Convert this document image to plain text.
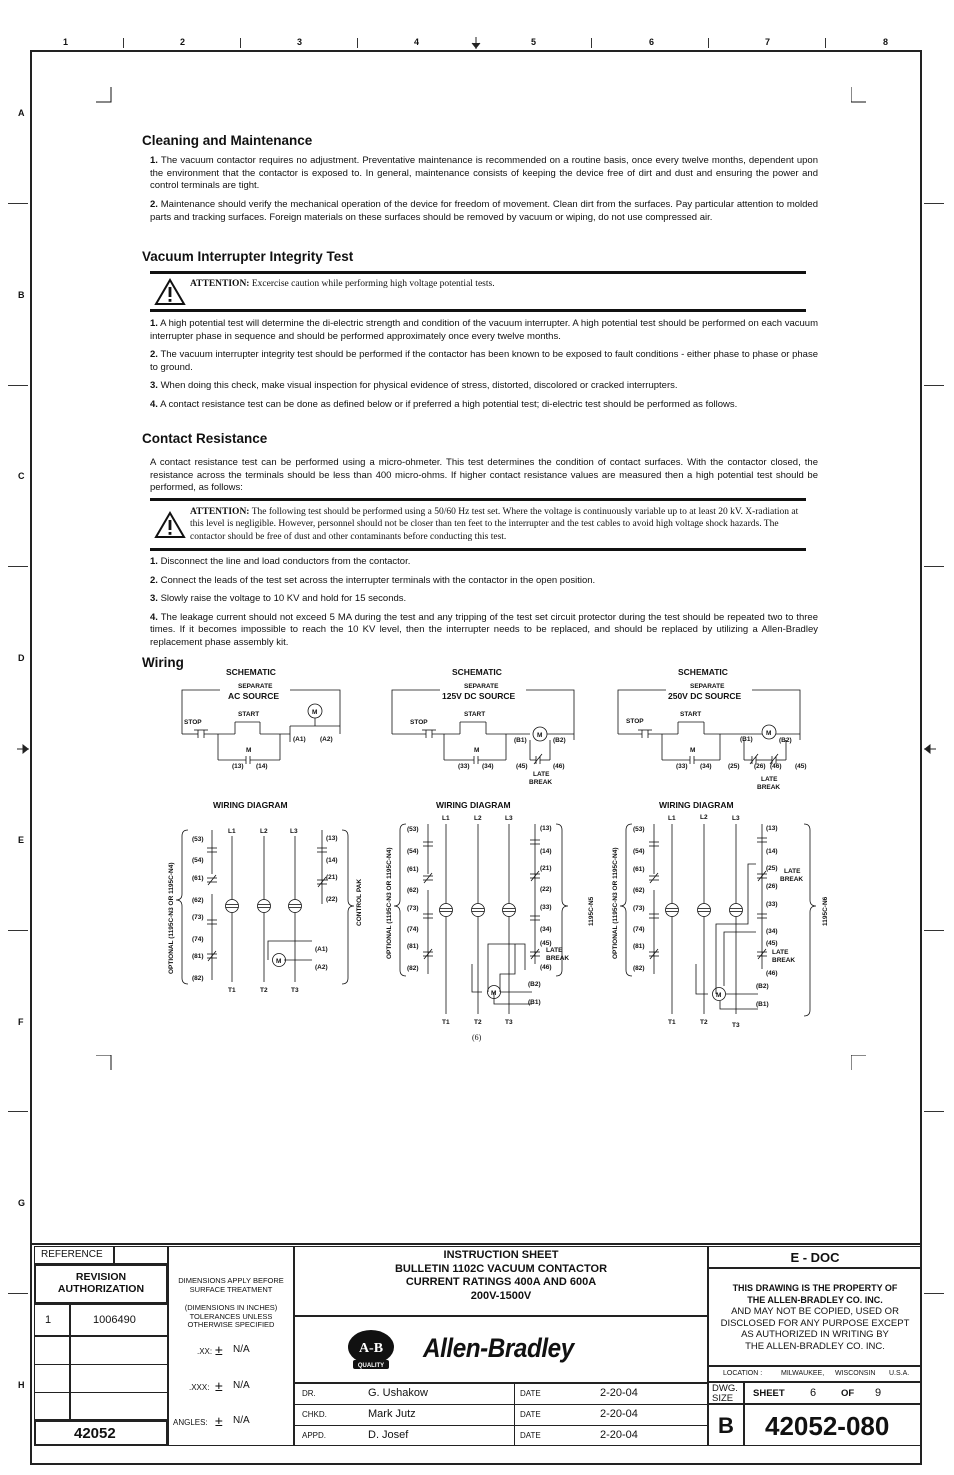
1	2	3	4	5	6	7	8
A
B
C
D
E
F
G
H
Cleaning and Maintenance

1. The vacuum contactor requires no adjustment. Preventative maintenance is recommended on a routine basis, once every twelve months, dependent upon the environment that the contactor is exposed to. In general, maintenance consists of keeping the device free of dirt and dust and ensuring the power and control terminals are tight.

2. Maintenance should verify the mechanical operation of the device for freedom of movement. Clean dirt from the surfaces. Pay particular attention to molded parts and tracking surfaces. Foreign materials on these surfaces should be removed by vacuum or wiping, do not use compressed air.

Vacuum Interrupter Integrity Test
ATTENTION: Excercise caution while performing high voltage potential tests.

1. A high potential test will determine the di-electric strength and condition of the vacuum interrupter. A high potential test should be performed on each vacuum interrupter phase in sequence and should be performed approximately once every twelve months.

2. The vacuum interrupter integrity test should be performed if the contactor has been known to be exposed to fault conditions - either phase to phase or phase to ground.

3. When doing this check, make visual inspection for physical evidence of stress, distorted, discolored or cracked interrupters.

4. A contact resistance test can be done as defined below or if preferred a high potential test; di-electric test should be performed as follows.

Contact Resistance

A contact resistance test can be performed using a micro-ohmeter. This test determines the condition of contact surfaces. With the contactor closed, the resistance across the terminals should be less than 400 micro-ohms. If higher contact resistance values are measured then a high potential test should be performed, as follows:

ATTENTION: The following test should be performed using a 50/60 Hz test set. Where the voltage is continuously variable up to at least 20 kV. X-radiation at this level is negligible. However, personnel should not be closer than ten feet to the interrupter and the test cables to avoid high voltage shock hazards. The contactor should be free of dust and other contaminants before conducting this test.

1. Disconnect the line and load conductors from the contactor.

2. Connect the leads of the test set across the interrupter terminals with the contactor in the open position.

3. Slowly raise the voltage to 10 KV and hold for 15 seconds.

4. The leakage current should not exceed 5 MA during the test and any tripping of the test set circuit protector during the test should be repeated two to three times. If it becomes impossible to reach the 10 KV level, then the interrupter needs to be replaced, and should be replaced by utilizing a Allen-Bradley replacement phase assembly kit.

Wiring
SCHEMATIC
SEPARATE
AC SOURCE
STOP
START	M
(A1) (A2)
M
(13) (14)
SCHEMATIC
SEPARATE
125V DC SOURCE
STOP
START
M
(B1)	(B2)
M
(33) (34)	(45)	(46)
LATE
BREAK
SCHEMATIC
SEPARATE
250V DC SOURCE
STOP
START
M
(B1)	(B2)
M
(33) (34)	(25) (26) (46) (45)
LATE
BREAK
WIRING DIAGRAM
OPTIONAL (1195C-N3 OR 1195C-N4)
(53)
(54)
(61)
(62)
(73)
(74)
(81)
(82)
L1	L2	L3
T1	T2	T3
(13)
(14)
(21)
(22)
M
(A1)
(A2)
CONTROL PAK
WIRING DIAGRAM
OPTIONAL (1195C-N3 OR 1195C-N4)
(53)
(54)
(61)
(62)
(73)
(74)
(81)
(82)
L1	L2	L3
T1	T2	T3
(13)
(14)
(21)
(22)
(33)
(34)
(45)
(46)
LATE
BREAK
M
(B2)
(B1)
1195C-N5
(6)
WIRING DIAGRAM
OPTIONAL (1195C-N3 OR 1195C-N4)
(53)
(54)
(61)
(62)
(73)
(74)
(81)
(82)
L1	L2	L3
T1	T2	T3
(13)
(14)
(25)
(26)
(33)
(34)
(45)
(46)
LATE
BREAK
LATE
BREAK
M
(B2)
(B1)
1195C-N6
REFERENCE
REVISION
AUTHORIZATION
1	1006490
42052
DIMENSIONS APPLY BEFORE
SURFACE TREATMENT
(DIMENSIONS IN INCHES)
TOLERANCES UNLESS
OTHERWISE SPECIFIED
.XX: ± N/A
.XXX: ± N/A
ANGLES: ± N/A
INSTRUCTION SHEET
BULLETIN 1102C VACUUM CONTACTOR
CURRENT RATINGS 400A AND 600A
200V-1500V
A-B
QUALITY
Allen-Bradley
DR.	G. Ushakow	DATE	2-20-04
CHKD.	Mark Jutz	DATE	2-20-04
APPD.	D. Josef	DATE	2-20-04
E - DOC
THIS DRAWING IS THE PROPERTY OF
THE ALLEN-BRADLEY CO. INC.
AND MAY NOT BE COPIED, USED OR
DISCLOSED FOR ANY PURPOSE EXCEPT
AS AUTHORIZED IN WRITING BY
THE ALLEN-BRADLEY CO. INC.
LOCATION :	MILWAUKEE, WISCONSIN U.S.A.
DWG.
SIZE	SHEET 6	OF 9
B 42052-080
